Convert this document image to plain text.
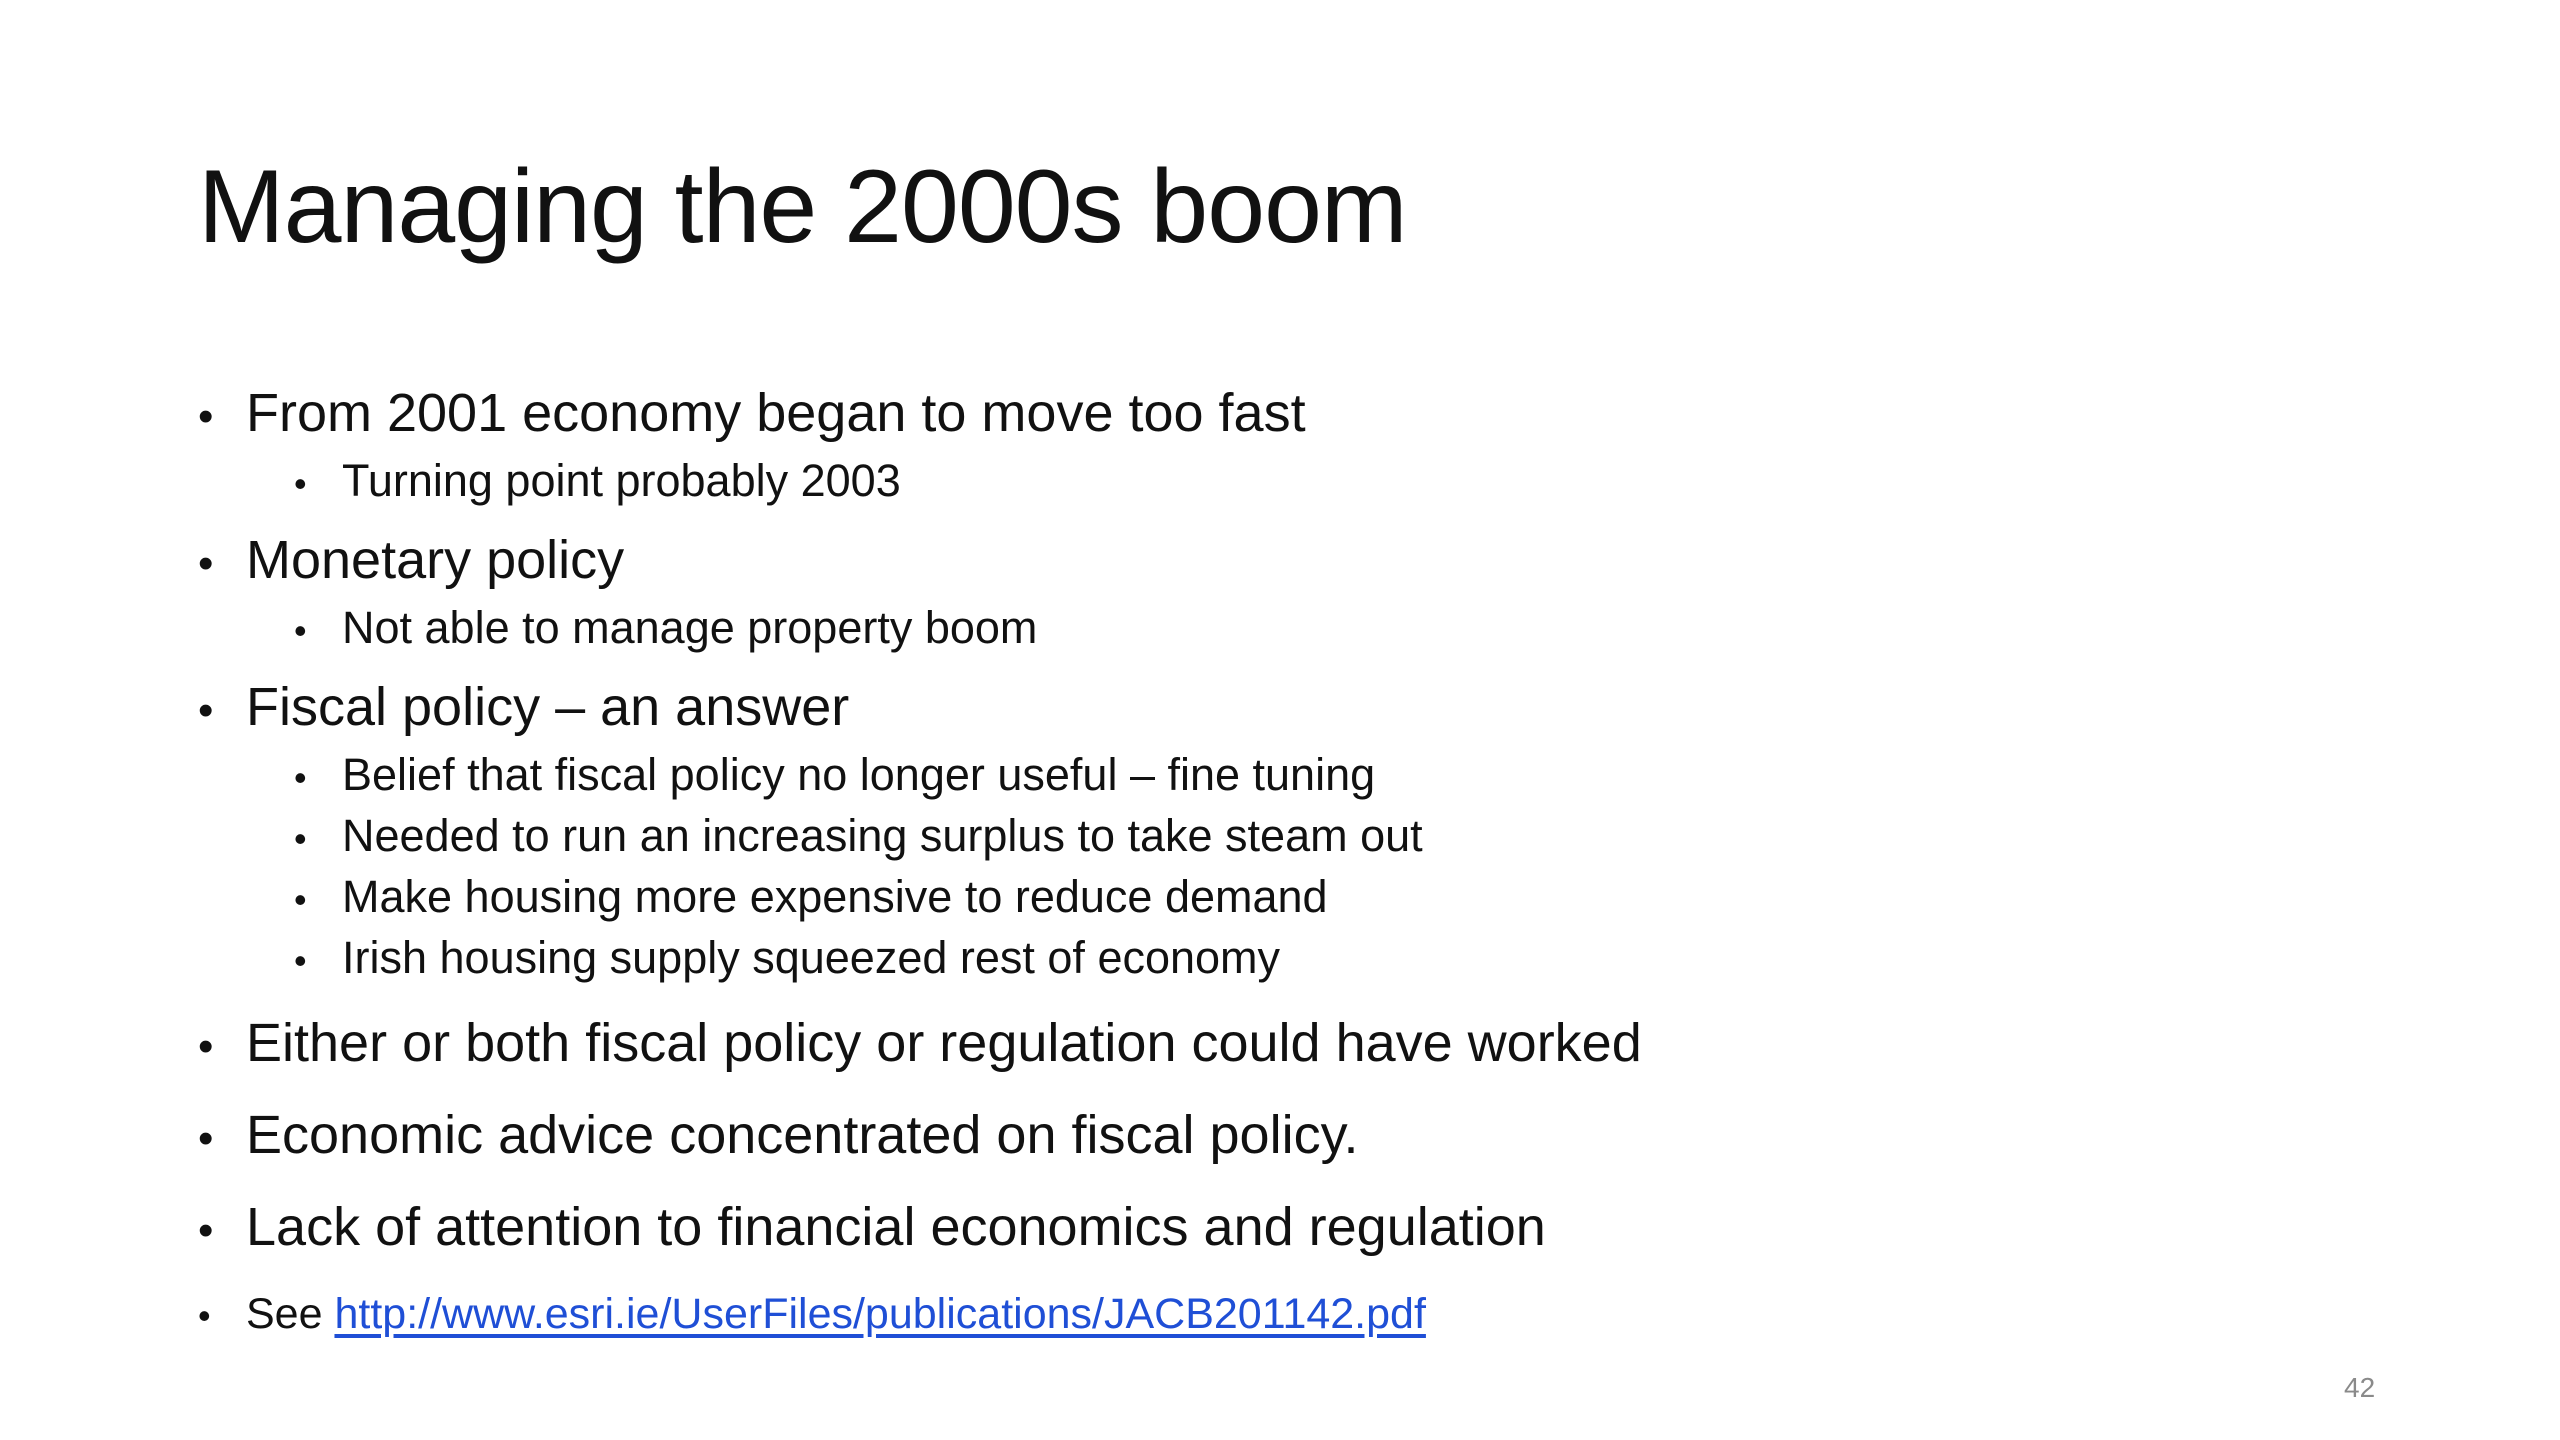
Managing the 2000s boom
• From 2001 economy began to move too fast
• Turning point probably 2003
• Monetary policy
• Not able to manage property boom
• Fiscal policy – an answer
• Belief that fiscal policy no longer useful – fine tuning
• Needed to run an increasing surplus to take steam out
• Make housing more expensive to reduce demand
• Irish housing supply squeezed rest of economy
• Either or both fiscal policy or regulation could have worked
• Economic advice concentrated on fiscal policy.
• Lack of attention to financial economics and regulation
• See
http://www.esri.ie/UserFiles/publications/JACB201142.pdf
42
